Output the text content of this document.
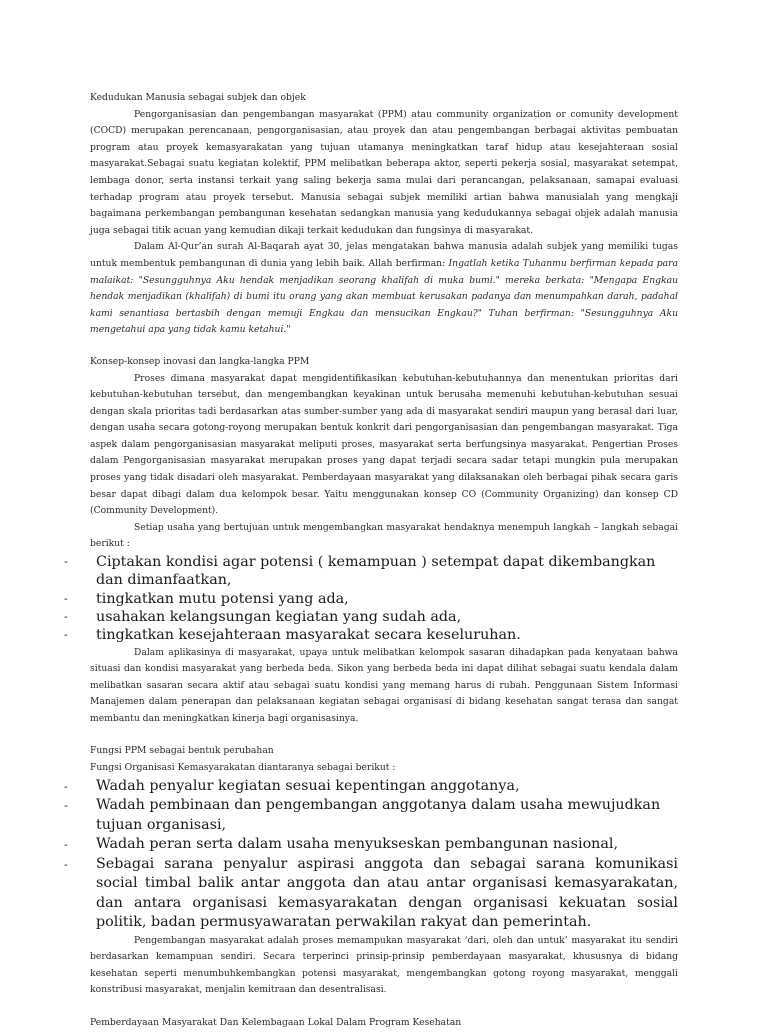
Kedudukan Manusia sebagai subjek dan objek

Pengorganisasian dan pengembangan masyarakat (PPM) atau community organization or comunity development (COCD) merupakan perencanaan, pengorganisasian, atau proyek dan atau pengembangan berbagai aktivitas pembuatan program atau proyek kemasyarakatan yang tujuan utamanya meningkatkan taraf hidup atau kesejahteraan sosial masyarakat.Sebagai suatu kegiatan kolektif, PPM melibatkan beberapa aktor, seperti pekerja sosial, masyarakat setempat, lembaga donor, serta instansi terkait yang saling bekerja sama mulai dari perancangan, pelaksanaan, samapai evaluasi terhadap program atau proyek tersebut. Manusia sebagai subjek memiliki artian bahwa manusialah yang mengkaji bagaimana perkembangan pembangunan kesehatan sedangkan manusia yang kedudukannya sebagai objek adalah manusia juga sebagai titik acuan yang kemudian dikaji terkait kedudukan dan fungsinya di masyarakat.

Dalam Al-Qur’an surah Al-Baqarah ayat 30, jelas mengatakan bahwa manusia adalah subjek yang memiliki tugas untuk membentuk pembangunan di dunia yang lebih baik. Allah berfirman: Ingatlah ketika Tuhanmu berfirman kepada para malaikat: "Sesungguhnya Aku hendak menjadikan seorang khalifah di muka bumi." mereka berkata: "Mengapa Engkau hendak menjadikan (khalifah) di bumi itu orang yang akan membuat kerusakan padanya dan menumpahkan darah, padahal kami senantiasa bertasbih dengan memuji Engkau dan mensucikan Engkau?" Tuhan berfirman: "Sesungguhnya Aku mengetahui apa yang tidak kamu ketahui."

Konsep-konsep inovasi dan langka-langka PPM

Proses dimana masyarakat dapat mengidentifikasikan kebutuhan-kebutuhannya dan menentukan prioritas dari kebutuhan-kebutuhan tersebut, dan mengembangkan keyakinan untuk berusaha memenuhi kebutuhan-kebutuhan sesuai dengan skala prioritas tadi berdasarkan atas sumber-sumber yang ada di masyarakat sendiri maupun yang berasal dari luar, dengan usaha secara gotong-royong merupakan bentuk konkrit dari pengorganisasian dan pengembangan masyarakat. Tiga aspek dalam pengorganisasian masyarakat meliputi proses, masyarakat serta berfungsinya masyarakat. Pengertian Proses dalam Pengorganisasian masyarakat merupakan proses yang dapat terjadi secara sadar tetapi mungkin pula merupakan proses yang tidak disadari oleh masyarakat. Pemberdayaan masyarakat yang dilaksanakan oleh berbagai pihak secara garis besar dapat dibagi dalam dua kelompok besar. Yaitu menggunakan konsep CO (Community Organizing) dan konsep CD (Community Development).

Setiap usaha yang bertujuan untuk mengembangkan masyarakat hendaknya menempuh langkah – langkah sebagai berikut :

- Ciptakan kondisi agar potensi ( kemampuan ) setempat dapat dikembangkan dan dimanfaatkan,
- tingkatkan mutu potensi yang ada,
- usahakan kelangsungan kegiatan yang sudah ada,
- tingkatkan kesejahteraan masyarakat secara keseluruhan.

Dalam aplikasinya di masyarakat, upaya untuk melibatkan kelompok sasaran dihadapkan pada kenyataan bahwa situasi dan kondisi masyarakat yang berbeda beda. Sikon yang berbeda beda ini dapat dilihat sebagai suatu kendala dalam melibatkan sasaran secara aktif atau sebagai suatu kondisi yang memang harus di rubah. Penggunaan Sistem Informasi Manajemen dalam penerapan dan pelaksanaan kegiatan sebagai organisasi di bidang kesehatan sangat terasa dan sangat membantu dan meningkatkan kinerja bagi organisasinya.

Fungsi PPM sebagai bentuk perubahan

Fungsi Organisasi Kemasyarakatan diantaranya sebagai berikut :

- Wadah penyalur kegiatan sesuai kepentingan anggotanya,
- Wadah pembinaan dan pengembangan anggotanya dalam usaha mewujudkan tujuan organisasi,
- Wadah peran serta dalam usaha menyukseskan pembangunan nasional,
- Sebagai sarana penyalur aspirasi anggota dan sebagai sarana komunikasi social timbal balik antar anggota dan atau antar organisasi kemasyarakatan, dan antara organisasi kemasyarakatan dengan organisasi kekuatan sosial politik, badan permusyawaratan perwakilan rakyat dan pemerintah.

Pengembangan masyarakat adalah proses memampukan masyarakat ‘dari, oleh dan untuk’ masyarakat itu sendiri berdasarkan kemampuan sendiri. Secara terperinci prinsip-prinsip pemberdayaan masyarakat, khususnya di bidang kesehatan seperti menumbuhkembangkan potensi masyarakat, mengembangkan gotong royong masyarakat, menggali konstribusi masyarakat, menjalin kemitraan dan desentralisasi.

Pemberdayaan Masyarakat Dan Kelembagaan Lokal Dalam Program Kesehatan
